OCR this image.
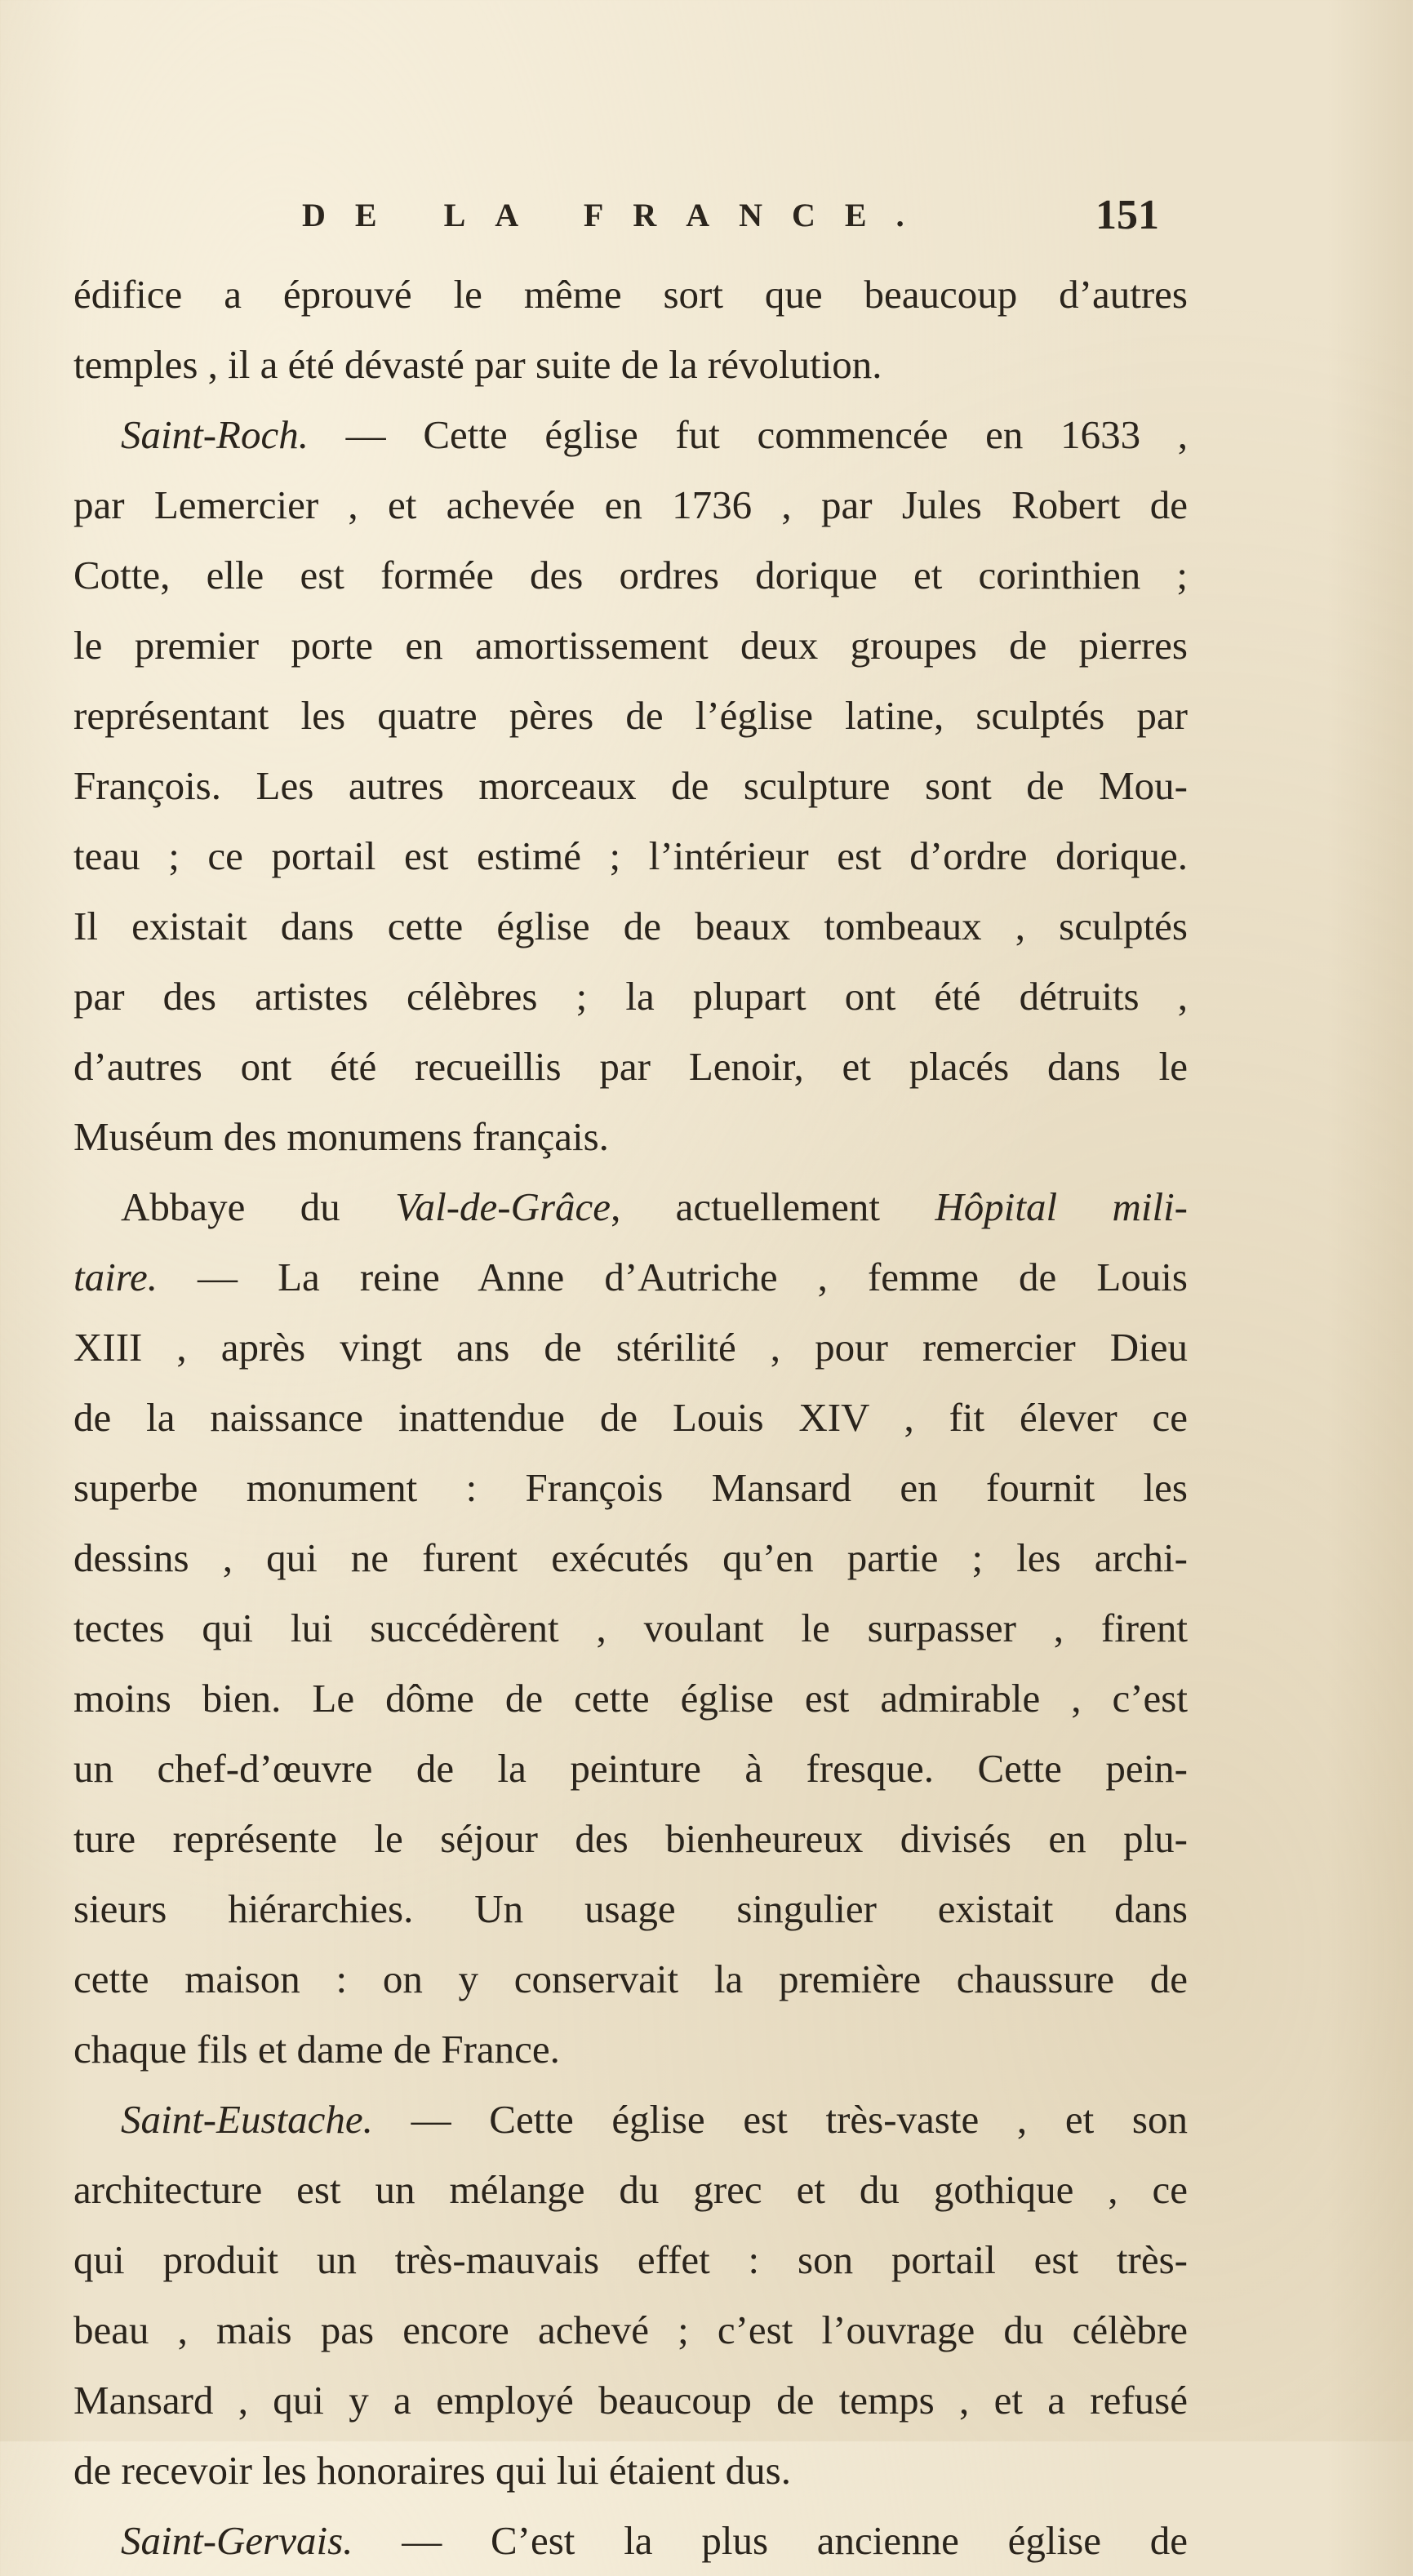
DE LA FRANCE.	151
édifice a éprouvé le même sort que beaucoup d’autres
temples , il a été dévasté par suite de la révolution.
Saint-Roch. — Cette église fut commencée en 1633 ,
par Lemercier , et achevée en 1736 , par Jules Robert de
Cotte, elle est formée des ordres dorique et corinthien ;
le premier porte en amortissement deux groupes de pierres
représentant les quatre pères de l’église latine, sculptés par
François. Les autres morceaux de sculpture sont de Mou-
teau ; ce portail est estimé ; l’intérieur est d’ordre dorique.
Il existait dans cette église de beaux tombeaux , sculptés
par des artistes célèbres ; la plupart ont été détruits ,
d’autres ont été recueillis par Lenoir, et placés dans le
Muséum des monumens français.
Abbaye du Val-de-Grâce, actuellement Hôpital mili-
taire. — La reine Anne d’Autriche , femme de Louis
XIII , après vingt ans de stérilité , pour remercier Dieu
de la naissance inattendue de Louis XIV , fit élever ce
superbe monument : François Mansard en fournit les
dessins , qui ne furent exécutés qu’en partie ; les archi-
tectes qui lui succédèrent , voulant le surpasser , firent
moins bien. Le dôme de cette église est admirable , c’est
un chef-d’œuvre de la peinture à fresque. Cette pein-
ture représente le séjour des bienheureux divisés en plu-
sieurs hiérarchies. Un usage singulier existait dans
cette maison : on y conservait la première chaussure de
chaque fils et dame de France.
Saint-Eustache. — Cette église est très-vaste , et son
architecture est un mélange du grec et du gothique , ce
qui produit un très-mauvais effet : son portail est très-
beau , mais pas encore achevé ; c’est l’ouvrage du célèbre
Mansard , qui y a employé beaucoup de temps , et a refusé
de recevoir les honoraires qui lui étaient dus.
Saint-Gervais. — C’est la plus ancienne église de
